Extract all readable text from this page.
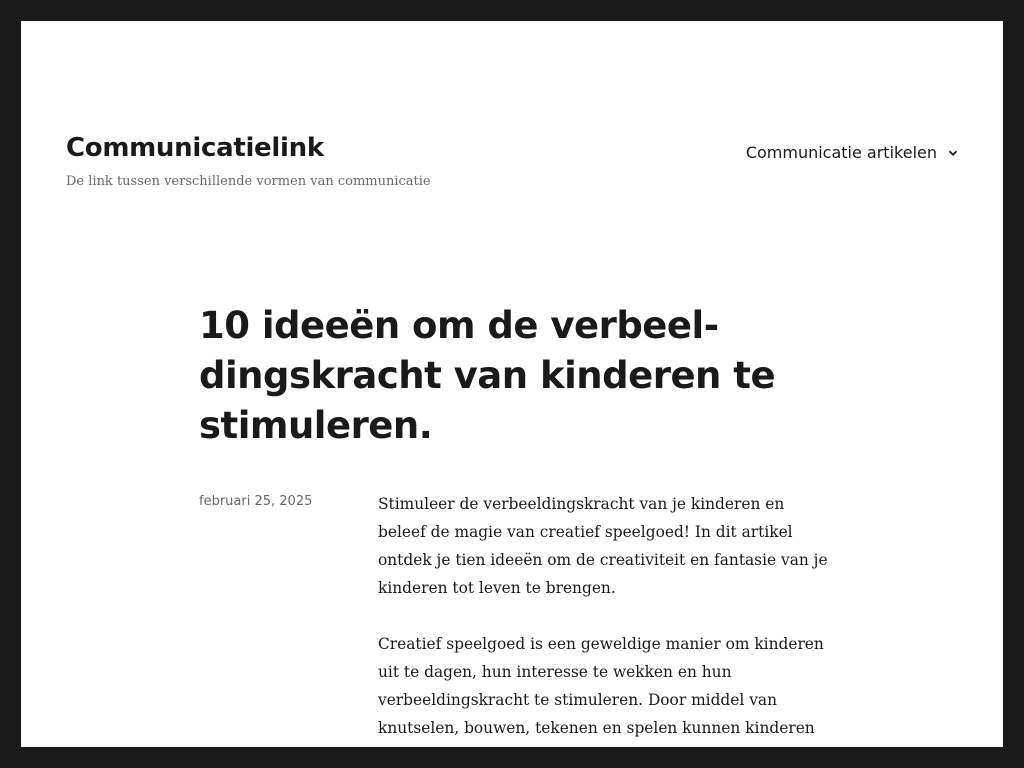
Communicatielink
De link tussen verschillende vormen van communicatie
Communicatie artikelen
10 ideeën om de verbeeldingskracht van kinderen te stimuleren.
februari 25, 2025	Stimuleer de verbeeldingskracht van je kinderen en beleef de magie van creatief speelgoed! In dit artikel ontdek je tien ideeën om de creativiteit en fantasie van je kinderen tot leven te brengen.

Creatief speelgoed is een geweldige manier om kinderen uit te dagen, hun interesse te wekken en hun verbeeldingskracht te stimuleren. Door middel van knutselen, bouwen, tekenen en spelen kunnen kinderen
